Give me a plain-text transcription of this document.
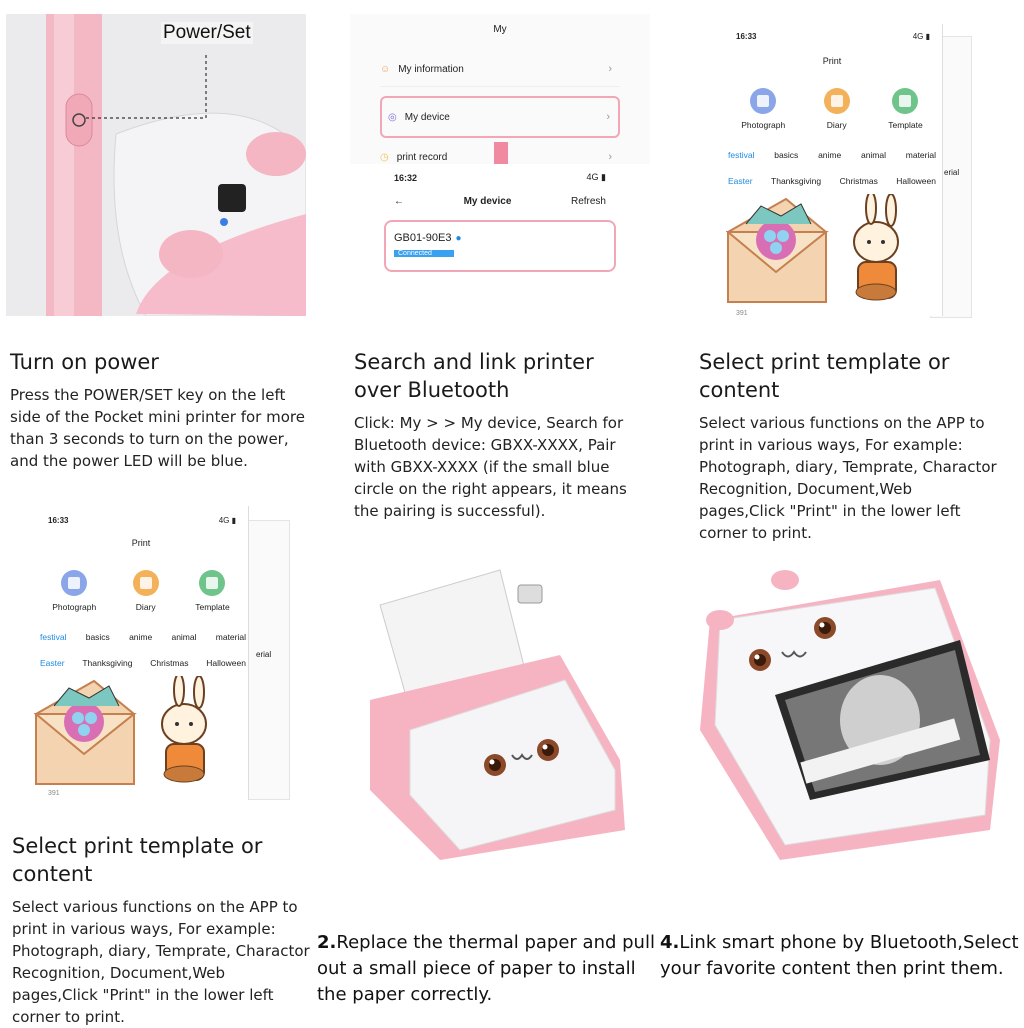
Power/Set	My
☺ My information	›
◎ My device	›
◷ print record	›
16:32	4G ▮
←	My device	Refresh
GB01-90E3 ●
Connected
16:33	4G ▮
Print
Photograph	Diary	Template
festival basics anime animal material
Easter Thanksgiving Christmas Halloween
391
erial
Turn on power
Press the POWER/SET key on the left side of the Pocket mini printer for more than 3 seconds to turn on the power, and the power LED will be blue.
Search and link printer over Bluetooth
Click: My > > My device, Search for Bluetooth device: GBXX-XXXX, Pair with GBXX-XXXX (if the small blue circle on the right appears, it means the pairing is successful).
Select print template or content
Select various functions on the APP to print in various ways, For example: Photograph, diary, Temprate, Charactor Recognition, Document,Web pages,Click "Print" in the lower left corner to print.
16:33	4G ▮
Print
Photograph	Diary	Template
festival basics anime animal material
Easter Thanksgiving Christmas Halloween
391
erial
Select print template or content
Select various functions on the APP to print in various ways, For example: Photograph, diary, Temprate, Charactor Recognition, Document,Web pages,Click "Print" in the lower left corner to print.

2.Replace the thermal paper and pull out a small piece of paper to install the paper correctly.

4.Link smart phone by Bluetooth,Select your favorite content then print them.
